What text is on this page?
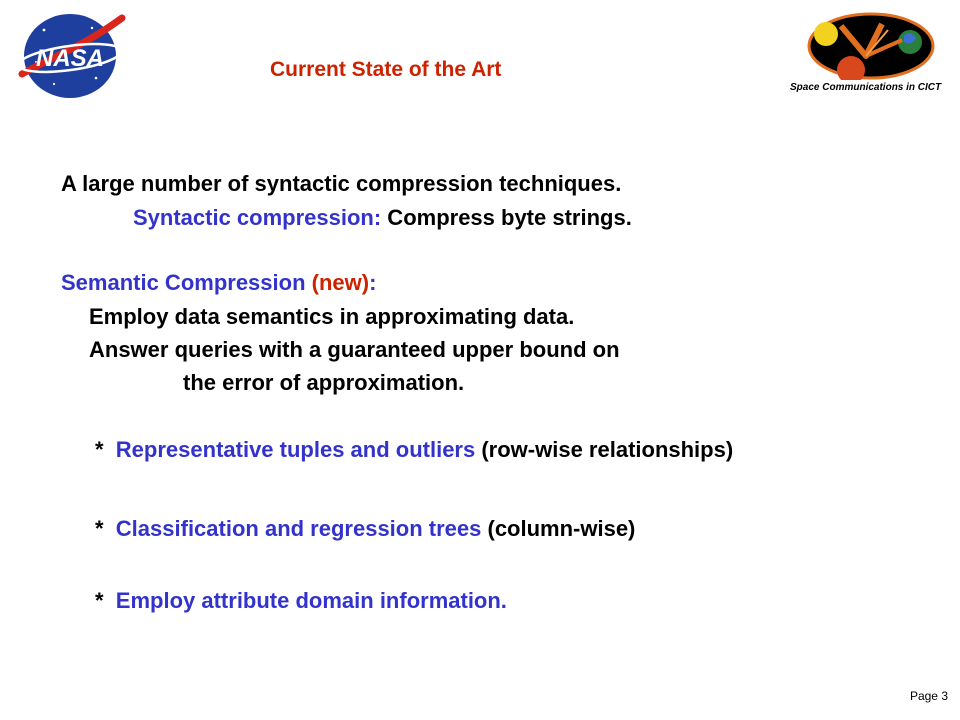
NASA	Current State of the Art
Space Communications in CICT
A large number of syntactic compression techniques.
Syntactic compression: Compress byte strings.
Semantic Compression (new):
Employ data semantics in approximating data.
Answer queries with a guaranteed upper bound on
the error of approximation.
* Representative tuples and outliers (row-wise relationships)
* Classification and regression trees (column-wise)
* Employ attribute domain information.
Page 3
